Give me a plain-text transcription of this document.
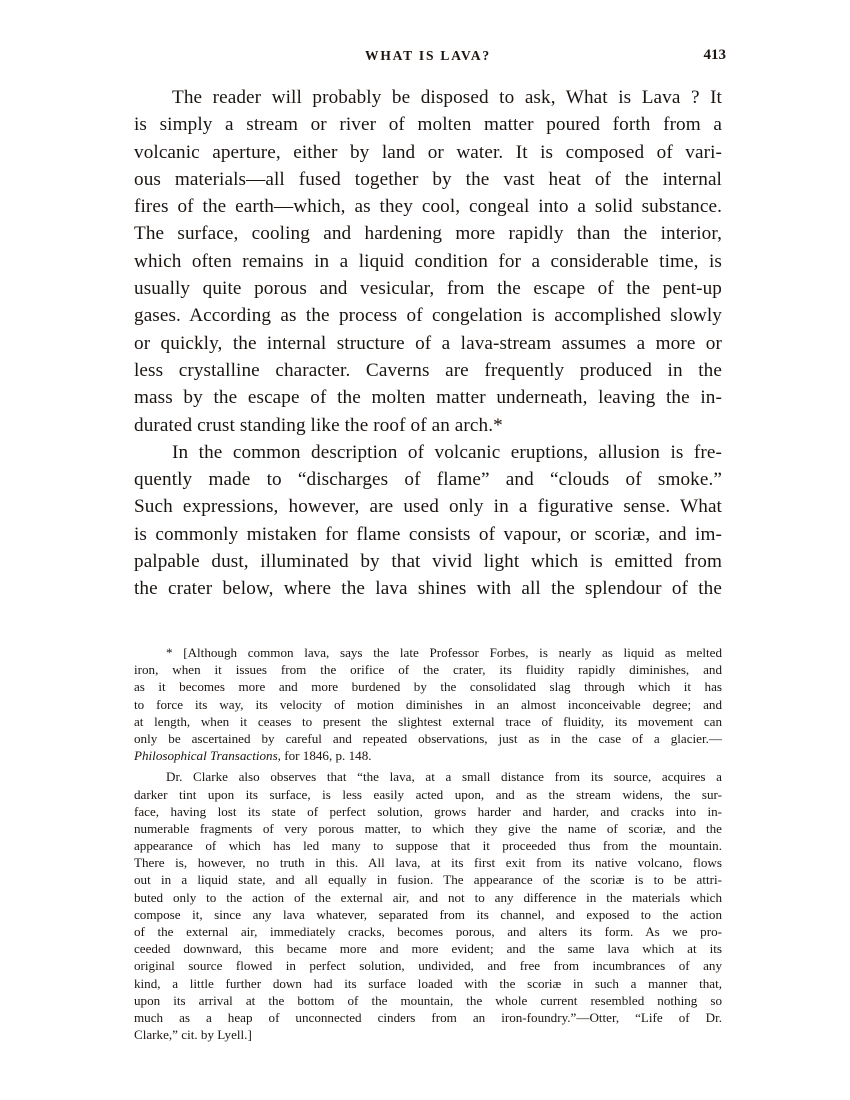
WHAT IS LAVA?	413
The reader will probably be disposed to ask, What is Lava ? It
is simply a stream or river of molten matter poured forth from a
volcanic aperture, either by land or water. It is composed of vari-
ous materials—all fused together by the vast heat of the internal
fires of the earth—which, as they cool, congeal into a solid substance.
The surface, cooling and hardening more rapidly than the interior,
which often remains in a liquid condition for a considerable time, is
usually quite porous and vesicular, from the escape of the pent-up
gases. According as the process of congelation is accomplished slowly
or quickly, the internal structure of a lava-stream assumes a more or
less crystalline character. Caverns are frequently produced in the
mass by the escape of the molten matter underneath, leaving the in-
durated crust standing like the roof of an arch.*
In the common description of volcanic eruptions, allusion is fre-
quently made to “discharges of flame” and “clouds of smoke.”
Such expressions, however, are used only in a figurative sense. What
is commonly mistaken for flame consists of vapour, or scoriæ, and im-
palpable dust, illuminated by that vivid light which is emitted from
the crater below, where the lava shines with all the splendour of the
* [Although common lava, says the late Professor Forbes, is nearly as liquid as melted
iron, when it issues from the orifice of the crater, its fluidity rapidly diminishes, and
as it becomes more and more burdened by the consolidated slag through which it has
to force its way, its velocity of motion diminishes in an almost inconceivable degree; and
at length, when it ceases to present the slightest external trace of fluidity, its movement can
only be ascertained by careful and repeated observations, just as in the case of a glacier.—
Philosophical Transactions, for 1846, p. 148.
Dr. Clarke also observes that “the lava, at a small distance from its source, acquires a
darker tint upon its surface, is less easily acted upon, and as the stream widens, the sur-
face, having lost its state of perfect solution, grows harder and harder, and cracks into in-
numerable fragments of very porous matter, to which they give the name of scoriæ, and the
appearance of which has led many to suppose that it proceeded thus from the mountain.
There is, however, no truth in this. All lava, at its first exit from its native volcano, flows
out in a liquid state, and all equally in fusion. The appearance of the scoriæ is to be attri-
buted only to the action of the external air, and not to any difference in the materials which
compose it, since any lava whatever, separated from its channel, and exposed to the action
of the external air, immediately cracks, becomes porous, and alters its form. As we pro-
ceeded downward, this became more and more evident; and the same lava which at its
original source flowed in perfect solution, undivided, and free from incumbrances of any
kind, a little further down had its surface loaded with the scoriæ in such a manner that,
upon its arrival at the bottom of the mountain, the whole current resembled nothing so
much as a heap of unconnected cinders from an iron-foundry.”—Otter, “Life of Dr.
Clarke,” cit. by Lyell.]
